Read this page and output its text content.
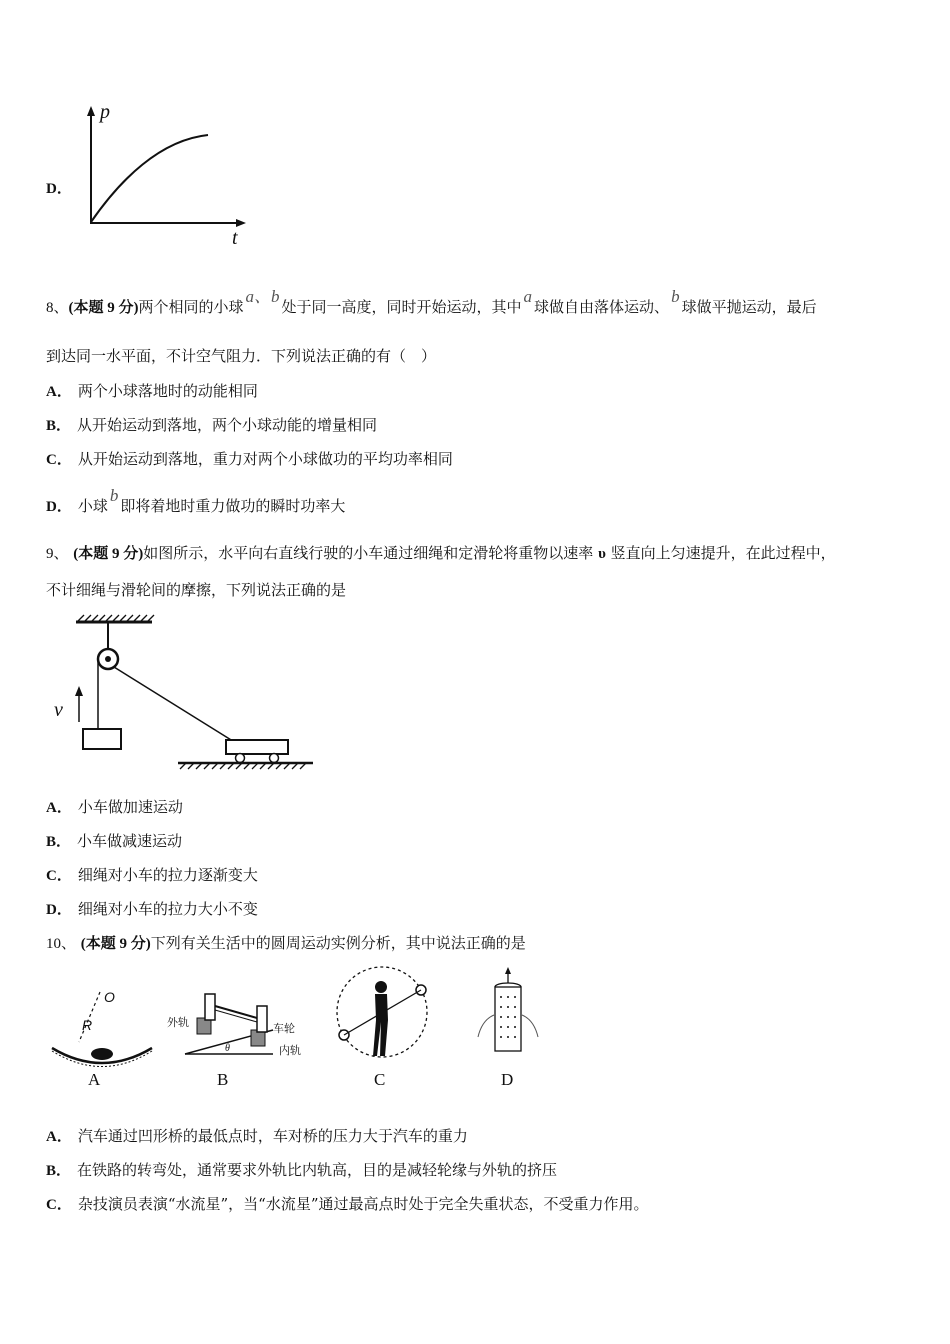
D．
p
t
8、(本题 9 分)两个相同的小球a、b处于同一高度，同时开始运动，其中a球做自由落体运动、b球做平抛运动，最后
到达同一水平面，不计空气阻力．下列说法正确的有（　）
A． 两个小球落地时的动能相同
B． 从开始运动到落地，两个小球动能的增量相同
C． 从开始运动到落地，重力对两个小球做功的平均功率相同
D． 小球b即将着地时重力做功的瞬时功率大
9、 (本题 9 分)如图所示，水平向右直线行驶的小车通过细绳和定滑轮将重物以速率 υ 竖直向上匀速提升，在此过程中，
不计细绳与滑轮间的摩擦，下列说法正确的是
v
A． 小车做加速运动
B． 小车做减速运动
C． 细绳对小车的拉力逐渐变大
D． 细绳对小车的拉力大小不变
10、 (本题 9 分)下列有关生活中的圆周运动实例分析，其中说法正确的是
O
R
A
外轨	车轮
内轨
θ
B	C	D
A． 汽车通过凹形桥的最低点时，车对桥的压力大于汽车的重力
B． 在铁路的转弯处，通常要求外轨比内轨高，目的是减轻轮缘与外轨的挤压
C． 杂技演员表演“水流星”，当“水流星”通过最高点时处于完全失重状态，不受重力作用。
